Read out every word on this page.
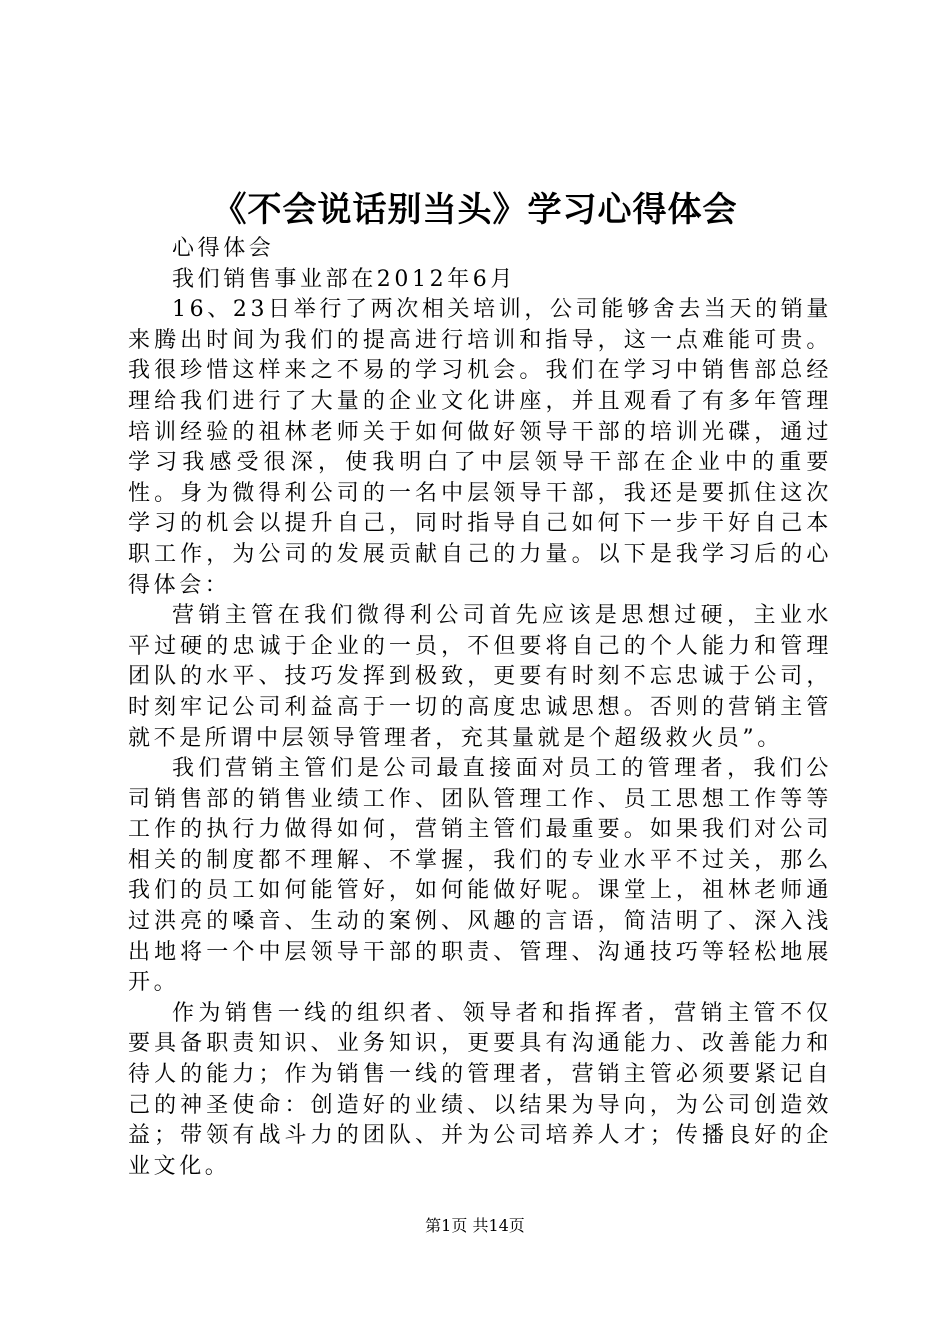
《不会说话别当头》学习心得体会

心得体会

我们销售事业部在2012年6月

16、23日举行了两次相关培训，公司能够舍去当天的销量来腾出时间为我们的提高进行培训和指导，这一点难能可贵。我很珍惜这样来之不易的学习机会。我们在学习中销售部总经理给我们进行了大量的企业文化讲座，并且观看了有多年管理培训经验的祖林老师关于如何做好领导干部的培训光碟，通过学习我感受很深，使我明白了中层领导干部在企业中的重要性。身为微得利公司的一名中层领导干部，我还是要抓住这次学习的机会以提升自己，同时指导自己如何下一步干好自己本职工作，为公司的发展贡献自己的力量。以下是我学习后的心得体会：

营销主管在我们微得利公司首先应该是思想过硬，主业水平过硬的忠诚于企业的一员，不但要将自己的个人能力和管理团队的水平、技巧发挥到极致，更要有时刻不忘忠诚于公司，时刻牢记公司利益高于一切的高度忠诚思想。否则的营销主管就不是所谓中层领导管理者，充其量就是个超级救火员”。

我们营销主管们是公司最直接面对员工的管理者，我们公司销售部的销售业绩工作、团队管理工作、员工思想工作等等工作的执行力做得如何，营销主管们最重要。如果我们对公司相关的制度都不理解、不掌握，我们的专业水平不过关，那么我们的员工如何能管好，如何能做好呢。课堂上，祖林老师通过洪亮的嗓音、生动的案例、风趣的言语，简洁明了、深入浅出地将一个中层领导干部的职责、管理、沟通技巧等轻松地展开。

作为销售一线的组织者、领导者和指挥者，营销主管不仅要具备职责知识、业务知识，更要具有沟通能力、改善能力和待人的能力；作为销售一线的管理者，营销主管必须要紧记自己的神圣使命：创造好的业绩、以结果为导向，为公司创造效益；带领有战斗力的团队、并为公司培养人才；传播良好的企业文化。

第1页 共14页
